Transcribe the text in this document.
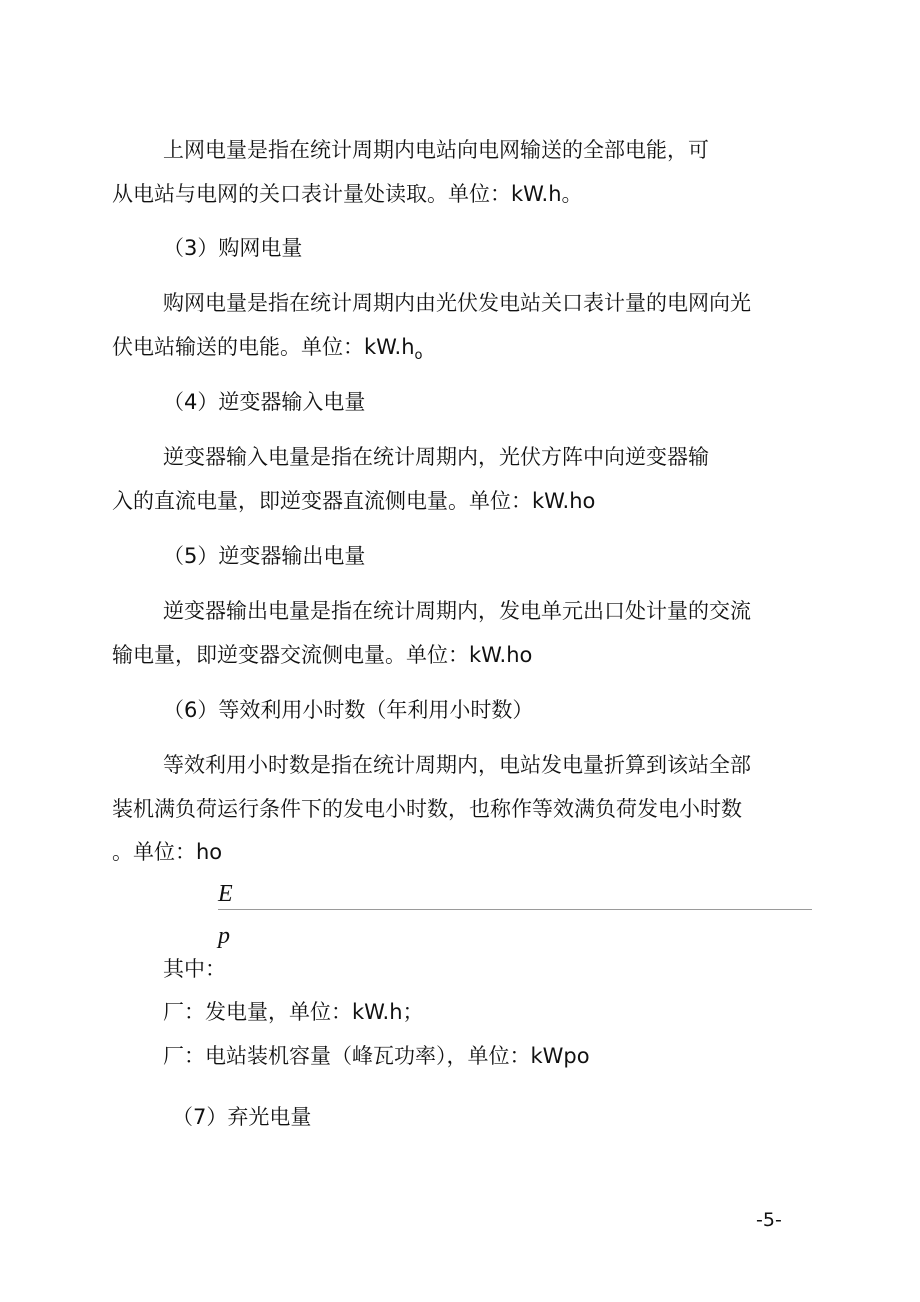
上网电量是指在统计周期内电站向电网输送的全部电能，可
从电站与电网的关口表计量处读取。单位：kW.h。
（3）购网电量
购网电量是指在统计周期内由光伏发电站关口表计量的电网向光
伏电站输送的电能。单位：$kW.h_o$
（4）逆变器输入电量
逆变器输入电量是指在统计周期内，光伏方阵中向逆变器输
入的直流电量，即逆变器直流侧电量。单位：kW.ho
（5）逆变器输出电量
逆变器输出电量是指在统计周期内，发电单元出口处计量的交流
输电量，即逆变器交流侧电量。单位：kW.ho
（6）等效利用小时数（年利用小时数）
等效利用小时数是指在统计周期内，电站发电量折算到该站全部
装机满负荷运行条件下的发电小时数，也称作等效满负荷发电小时数
。单位：ho
E
p
其中：
厂：发电量，单位：kW.h；
厂：电站装机容量（峰瓦功率），单位：kWpo
（7）弃光电量
-5-
